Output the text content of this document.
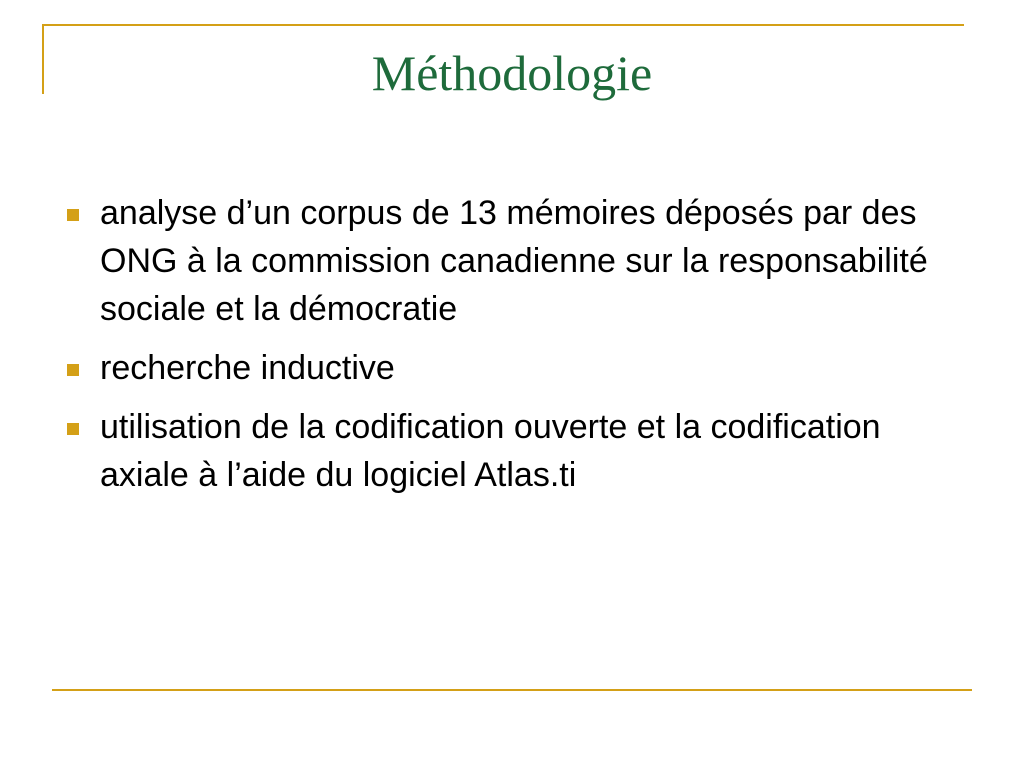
Méthodologie
analyse d’un corpus de 13 mémoires déposés par des ONG à la commission canadienne sur la responsabilité sociale et la démocratie
recherche inductive
utilisation de la codification ouverte et la codification axiale à l’aide du logiciel Atlas.ti
